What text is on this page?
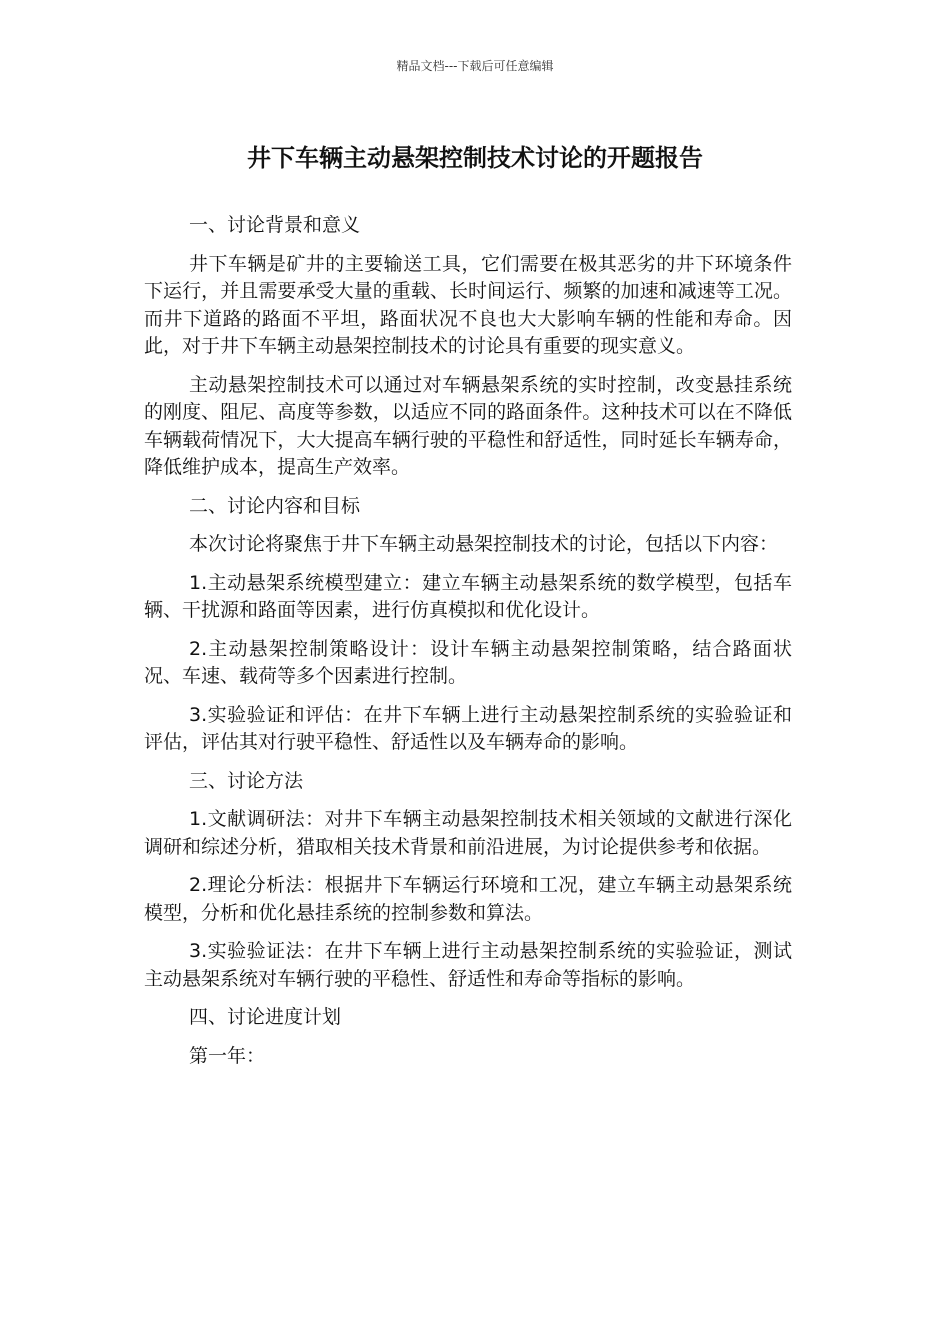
精品文档---下载后可任意编辑
井下车辆主动悬架控制技术讨论的开题报告

一、讨论背景和意义

井下车辆是矿井的主要输送工具，它们需要在极其恶劣的井下环境条件下运行，并且需要承受大量的重载、长时间运行、频繁的加速和减速等工况。而井下道路的路面不平坦，路面状况不良也大大影响车辆的性能和寿命。因此，对于井下车辆主动悬架控制技术的讨论具有重要的现实意义。

主动悬架控制技术可以通过对车辆悬架系统的实时控制，改变悬挂系统的刚度、阻尼、高度等参数，以适应不同的路面条件。这种技术可以在不降低车辆载荷情况下，大大提高车辆行驶的平稳性和舒适性，同时延长车辆寿命，降低维护成本，提高生产效率。

二、讨论内容和目标

本次讨论将聚焦于井下车辆主动悬架控制技术的讨论，包括以下内容：

1.主动悬架系统模型建立：建立车辆主动悬架系统的数学模型，包括车辆、干扰源和路面等因素，进行仿真模拟和优化设计。

2.主动悬架控制策略设计：设计车辆主动悬架控制策略，结合路面状况、车速、载荷等多个因素进行控制。

3.实验验证和评估：在井下车辆上进行主动悬架控制系统的实验验证和评估，评估其对行驶平稳性、舒适性以及车辆寿命的影响。

三、讨论方法

1.文献调研法：对井下车辆主动悬架控制技术相关领域的文献进行深化调研和综述分析，猎取相关技术背景和前沿进展，为讨论提供参考和依据。

2.理论分析法：根据井下车辆运行环境和工况，建立车辆主动悬架系统模型，分析和优化悬挂系统的控制参数和算法。

3.实验验证法：在井下车辆上进行主动悬架控制系统的实验验证，测试主动悬架系统对车辆行驶的平稳性、舒适性和寿命等指标的影响。

四、讨论进度计划

第一年：
